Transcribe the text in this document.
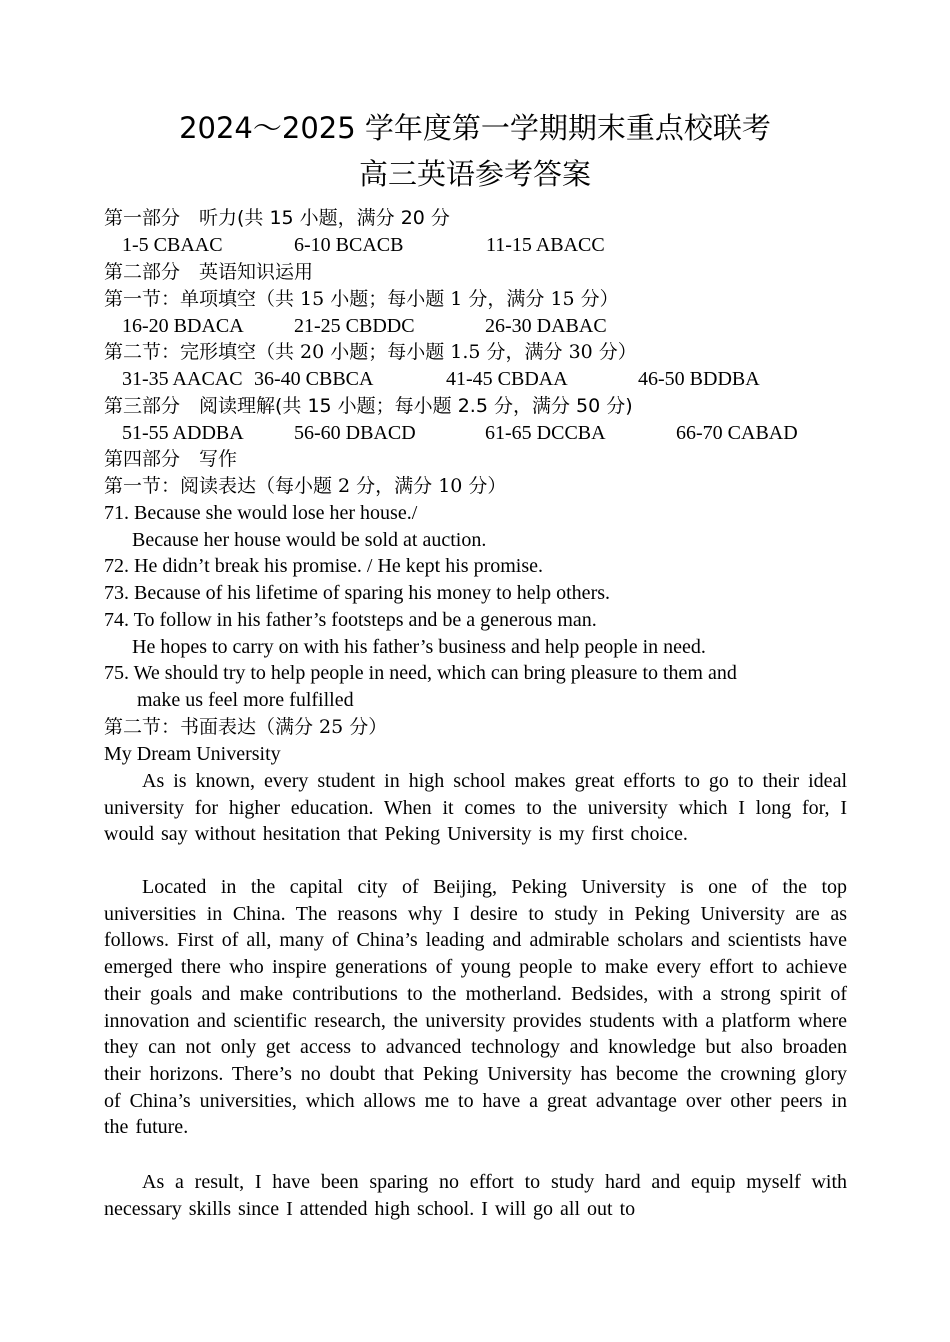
2024～2025 学年度第一学期期末重点校联考
高三英语参考答案
第一部分　听力(共 15 小题，满分 20 分
1-5 CBAAC	6-10 BCACB	11-15 ABACC
第二部分　英语知识运用
第一节：单项填空（共 15 小题；每小题 1 分，满分 15 分）
16-20 BDACA	21-25 CBDDC	26-30 DABAC
第二节：完形填空（共 20 小题；每小题 1.5 分，满分 30 分）
31-35 AACAC 36-40 CBBCA	41-45 CBDAA	46-50 BDDBA
第三部分　阅读理解(共 15 小题；每小题 2.5 分，满分 50 分)
51-55 ADDBA	56-60 DBACD	61-65 DCCBA	66-70 CABAD
第四部分　写作
第一节：阅读表达（每小题 2 分，满分 10 分）
71. Because she would lose her house./
Because her house would be sold at auction.
72. He didn’t break his promise. / He kept his promise.
73. Because of his lifetime of sparing his money to help others.
74. To follow in his father’s footsteps and be a generous man.
He hopes to carry on with his father’s business and help people in need.
75. We should try to help people in need, which can bring pleasure to them and
make us feel more fulfilled
第二节：书面表达（满分 25 分）
My Dream University
As is known, every student in high school makes great efforts to go to their ideal university for higher education. When it comes to the university which I long for, I would say without hesitation that Peking University is my first choice.
Located in the capital city of Beijing, Peking University is one of the top universities in China. The reasons why I desire to study in Peking University are as follows. First of all, many of China’s leading and admirable scholars and scientists have emerged there who inspire generations of young people to make every effort to achieve their goals and make contributions to the motherland. Bedsides, with a strong spirit of innovation and scientific research, the university provides students with a platform where they can not only get access to advanced technology and knowledge but also broaden their horizons. There’s no doubt that Peking University has become the crowning glory of China’s universities, which allows me to have a great advantage over other peers in the future.
As a result, I have been sparing no effort to study hard and equip myself with necessary skills since I attended high school. I will go all out to
